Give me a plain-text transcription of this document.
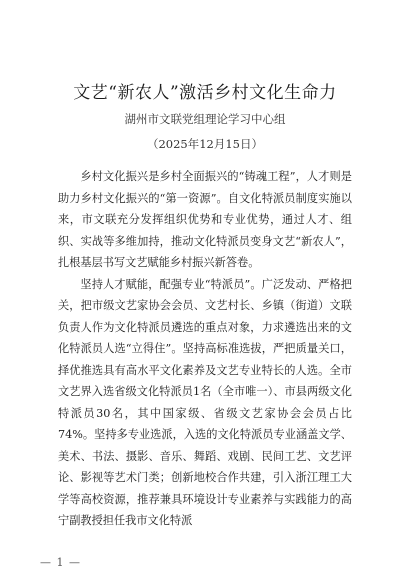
文艺“新农人”激活乡村文化生命力
湖州市文联党组理论学习中心组
（2025年12月15日）

乡村文化振兴是乡村全面振兴的“铸魂工程”，人才则是助力乡村文化振兴的“第一资源”。自文化特派员制度实施以来，市文联充分发挥组织优势和专业优势，通过人才、组织、实战等多维加持，推动文化特派员变身文艺“新农人”，扎根基层书写文艺赋能乡村振兴新答卷。

坚持人才赋能，配强专业“特派员”。广泛发动、严格把关，把市级文艺家协会会员、文艺村长、乡镇（街道）文联负责人作为文化特派员遴选的重点对象，力求遴选出来的文化特派员人选“立得住”。坚持高标准选拔，严把质量关口，择优推选具有高水平文化素养及文艺专业特长的人选。全市文艺界入选省级文化特派员1名（全市唯一）、市县两级文化特派员30名，其中国家级、省级文艺家协会会员占比74%。坚持多专业选派，入选的文化特派员专业涵盖文学、美术、书法、摄影、音乐、舞蹈、戏剧、民间工艺、文艺评论、影视等艺术门类；创新地校合作共建，引入浙江理工大学等高校资源，推荐兼具环境设计专业素养与实践能力的高宁副教授担任我市文化特派

— 1 —
